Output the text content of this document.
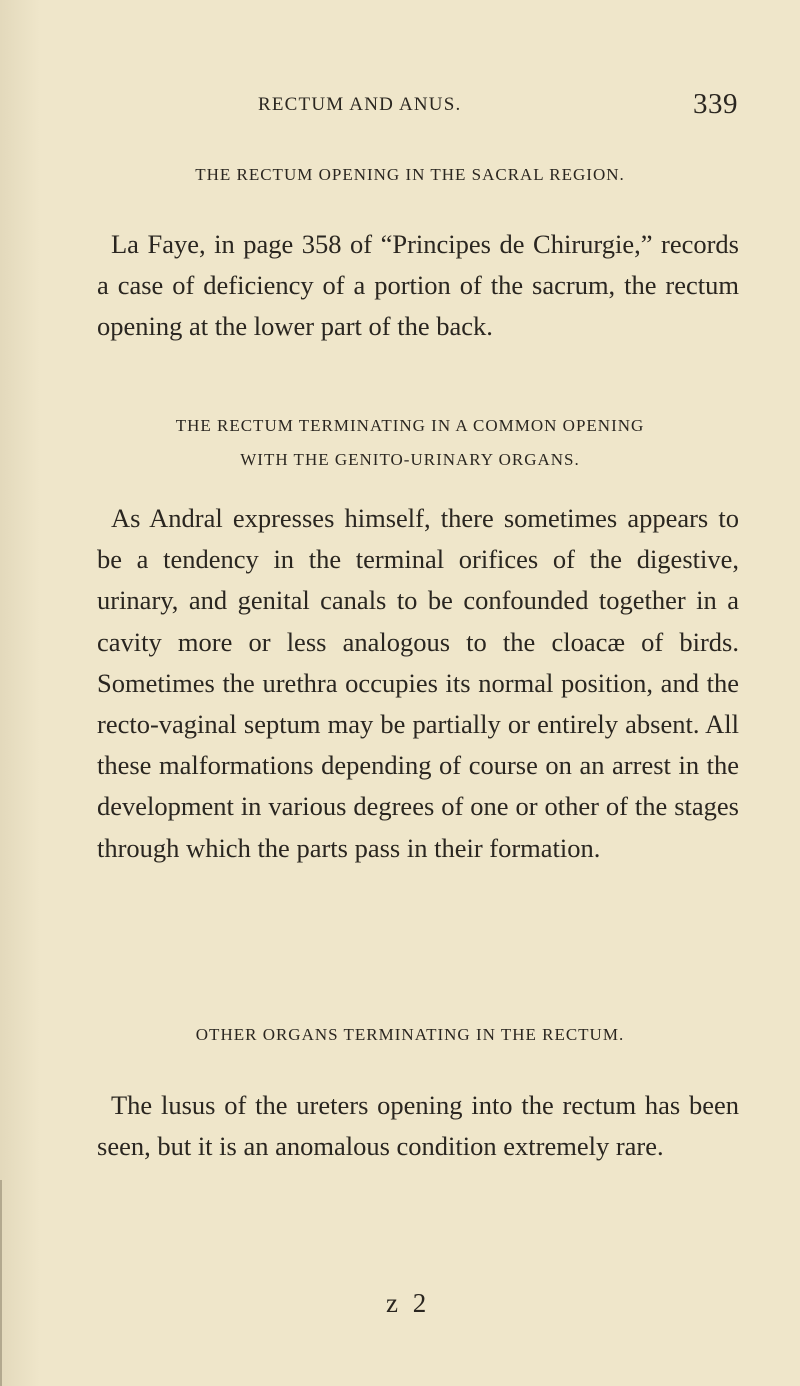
RECTUM AND ANUS.	339
THE RECTUM OPENING IN THE SACRAL REGION.

La Faye, in page 358 of “Principes de Chirurgie,” records a case of deficiency of a portion of the sacrum, the rectum opening at the lower part of the back.

THE RECTUM TERMINATING IN A COMMON OPENING
WITH THE GENITO-URINARY ORGANS.

As Andral expresses himself, there sometimes appears to be a tendency in the terminal orifices of the digestive, urinary, and genital canals to be confounded together in a cavity more or less analogous to the cloacæ of birds. Sometimes the urethra occupies its normal position, and the recto-vaginal septum may be partially or entirely absent. All these malformations depending of course on an arrest in the development in various degrees of one or other of the stages through which the parts pass in their formation.

OTHER ORGANS TERMINATING IN THE RECTUM.

The lusus of the ureters opening into the rectum has been seen, but it is an anomalous condition extremely rare.

z 2
